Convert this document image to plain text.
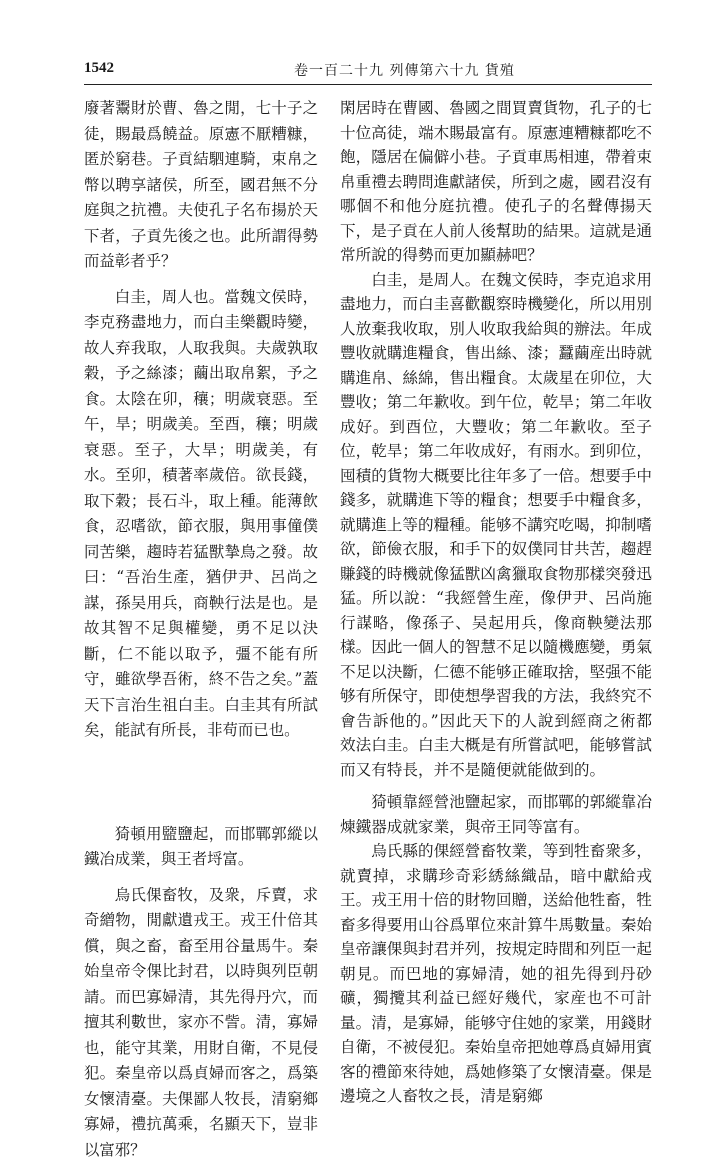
1542	卷一百二十九 列傳第六十九 貨殖

廢著鬻財於曹、魯之閒，七十子之徒，賜最爲饒益。原憲不厭糟糠，匿於窮巷。子貢結駟連騎，束帛之幣以聘享諸侯，所至，國君無不分庭與之抗禮。夫使孔子名布揚於天下者，子貢先後之也。此所謂得勢而益彰者乎？

白圭，周人也。當魏文侯時，李克務盡地力，而白圭樂觀時變，故人弃我取，人取我與。夫歲孰取穀，予之絲漆；繭出取帛絮，予之食。太陰在卯，穰；明歲衰惡。至午，旱；明歲美。至酉，穰；明歲衰惡。至子，大旱；明歲美，有水。至卯，積著率歲倍。欲長錢，取下穀；長石斗，取上種。能薄飲食，忍嗜欲，節衣服，與用事僮僕同苦樂，趨時若猛獸摯鳥之發。故曰：“吾治生產，猶伊尹、呂尚之謀，孫吴用兵，商鞅行法是也。是故其智不足與權變，勇不足以決斷，仁不能以取予，彊不能有所守，雖欲學吾術，終不告之矣。”蓋天下言治生祖白圭。白圭其有所試矣，能試有所長，非苟而已也。

猗頓用盬鹽起，而邯鄲郭縱以鐵冶成業，與王者埒富。

烏氏倮畜牧，及衆，斥賣，求奇繒物，閒獻遺戎王。戎王什倍其償，與之畜，畜至用谷量馬牛。秦始皇帝令倮比封君，以時與列臣朝請。而巴寡婦清，其先得丹穴，而擅其利數世，家亦不訾。清，寡婦也，能守其業，用財自衛，不見侵犯。秦皇帝以爲貞婦而客之，爲築女懷清臺。夫倮鄙人牧長，清窮鄉寡婦，禮抗萬乘，名顯天下，豈非以富邪？

閑居時在曹國、魯國之間買賣貨物，孔子的七十位高徒，端木賜最富有。原憲連糟糠都吃不飽，隱居在偏僻小巷。子貢車馬相連，帶着束帛重禮去聘問進獻諸侯，所到之處，國君沒有哪個不和他分庭抗禮。使孔子的名聲傳揚天下，是子貢在人前人後幫助的結果。這就是通常所說的得勢而更加顯赫吧？

白圭，是周人。在魏文侯時，李克追求用盡地力，而白圭喜歡觀察時機變化，所以用別人放棄我收取，別人收取我給與的辦法。年成豐收就購進糧食，售出絲、漆；蠶繭産出時就購進帛、絲綿，售出糧食。太歲星在卯位，大豐收；第二年歉收。到午位，乾旱；第二年收成好。到酉位，大豐收；第二年歉收。至子位，乾旱；第二年收成好，有雨水。到卯位，囤積的貨物大概要比往年多了一倍。想要手中錢多，就購進下等的糧食；想要手中糧食多，就購進上等的糧種。能够不講究吃喝，抑制嗜欲，節儉衣服，和手下的奴僕同甘共苦，趨趕賺錢的時機就像猛獸凶禽獵取食物那樣突發迅猛。所以說：“我經營生産，像伊尹、呂尚施行謀略，像孫子、吴起用兵，像商鞅變法那樣。因此一個人的智慧不足以隨機應變，勇氣不足以決斷，仁德不能够正確取捨，堅强不能够有所保守，即使想學習我的方法，我終究不會告訴他的。”因此天下的人說到經商之術都效法白圭。白圭大概是有所嘗試吧，能够嘗試而又有特長，并不是隨便就能做到的。

猗頓靠經營池鹽起家，而邯鄲的郭縱靠冶煉鐵器成就家業，與帝王同等富有。

烏氏縣的倮經營畜牧業，等到牲畜衆多，就賣掉，求購珍奇彩綉絲織品，暗中獻給戎王。戎王用十倍的財物回贈，送給他牲畜，牲畜多得要用山谷爲單位來計算牛馬數量。秦始皇帝讓倮與封君并列，按規定時間和列臣一起朝見。而巴地的寡婦清，她的祖先得到丹砂礦，獨攬其利益已經好幾代，家産也不可計量。清，是寡婦，能够守住她的家業，用錢財自衛，不被侵犯。秦始皇帝把她尊爲貞婦用賓客的禮節來待她，爲她修築了女懷清臺。倮是邊境之人畜牧之長，清是窮鄉
